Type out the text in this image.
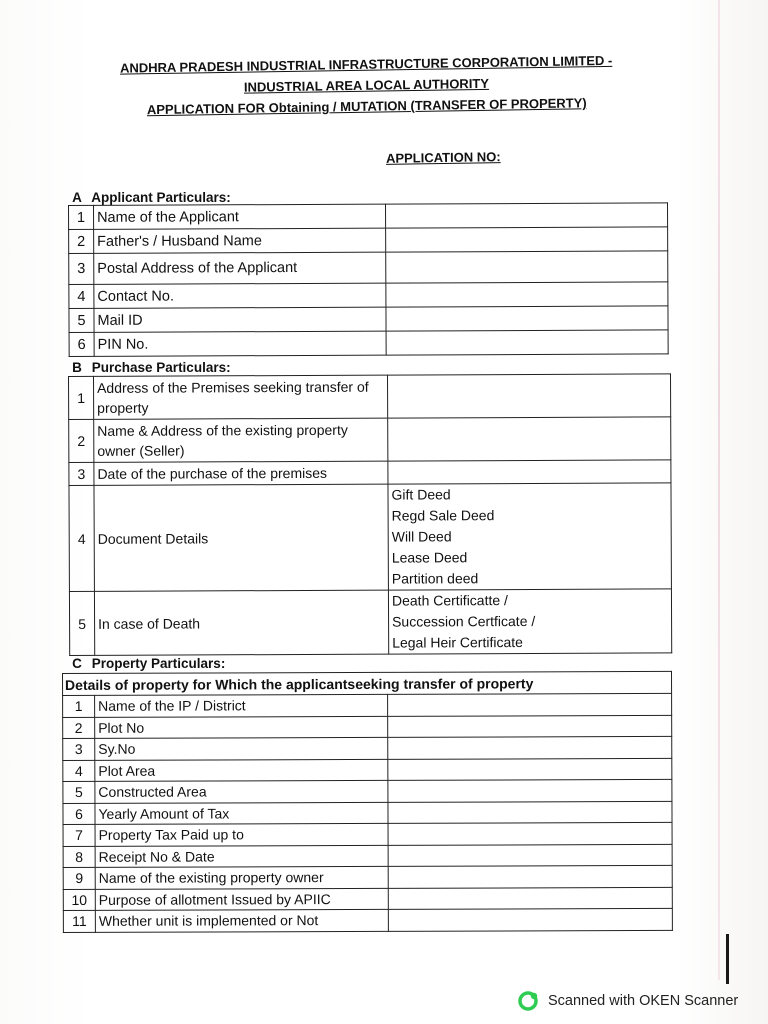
ANDHRA PRADESH INDUSTRIAL INFRASTRUCTURE CORPORATION LIMITED -
INDUSTRIAL AREA LOCAL AUTHORITY
APPLICATION FOR Obtaining / MUTATION (TRANSFER OF PROPERTY)
APPLICATION NO:
A Applicant Particulars:
1	Name of the Applicant	
2	Father's / Husband Name	
3	Postal Address of the Applicant	
4	Contact No.	
5	Mail ID	
6	PIN No.	
B Purchase Particulars:
1	Address of the Premises seeking transfer of property	
2	Name & Address of the existing property owner (Seller)	
3	Date of the purchase of the premises	
4	Document Details	Gift Deed
Regd Sale Deed
Will Deed
Lease Deed
Partition deed

5	In case of Death	Death Certificatte /
Succession Certficate /
Legal Heir Certificate
C Property Particulars:
Details of property for Which the applicantseeking transfer of property		
1	Name of the IP / District	
2	Plot No	
3	Sy.No	
4	Plot Area	
5	Constructed Area	
6	Yearly Amount of Tax	
7	Property Tax Paid up to	
8	Receipt No & Date	
9	Name of the existing property owner	
10	Purpose of allotment Issued by APIIC	
11	Whether unit is implemented or Not	
Scanned with OKEN Scanner
